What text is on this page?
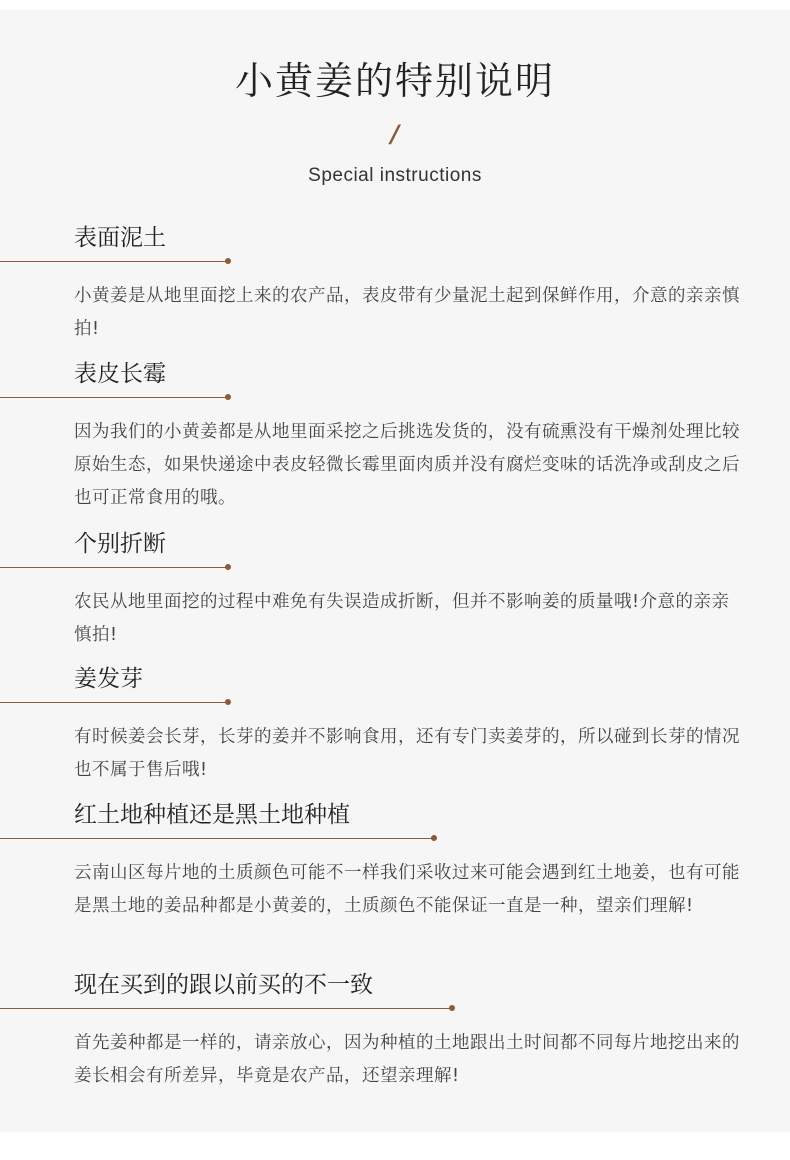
小黄姜的特别说明
/
Special instructions
表面泥土
小黄姜是从地里面挖上来的农产品，表皮带有少量泥土起到保鲜作用，介意的亲亲慎拍!
表皮长霉
因为我们的小黄姜都是从地里面采挖之后挑选发货的，没有硫熏没有干燥剂处理比较原始生态，如果快递途中表皮轻微长霉里面肉质并没有腐烂变味的话洗净或刮皮之后也可正常食用的哦。
个别折断
农民从地里面挖的过程中难免有失误造成折断，但并不影响姜的质量哦!介意的亲亲慎拍!
姜发芽
有时候姜会长芽，长芽的姜并不影响食用，还有专门卖姜芽的，所以碰到长芽的情况也不属于售后哦!
红土地种植还是黑土地种植
云南山区每片地的土质颜色可能不一样我们采收过来可能会遇到红土地姜，也有可能是黑土地的姜品种都是小黄姜的，土质颜色不能保证一直是一种，望亲们理解!
现在买到的跟以前买的不一致
首先姜种都是一样的，请亲放心，因为种植的土地跟出土时间都不同每片地挖出来的姜长相会有所差异，毕竟是农产品，还望亲理解!
